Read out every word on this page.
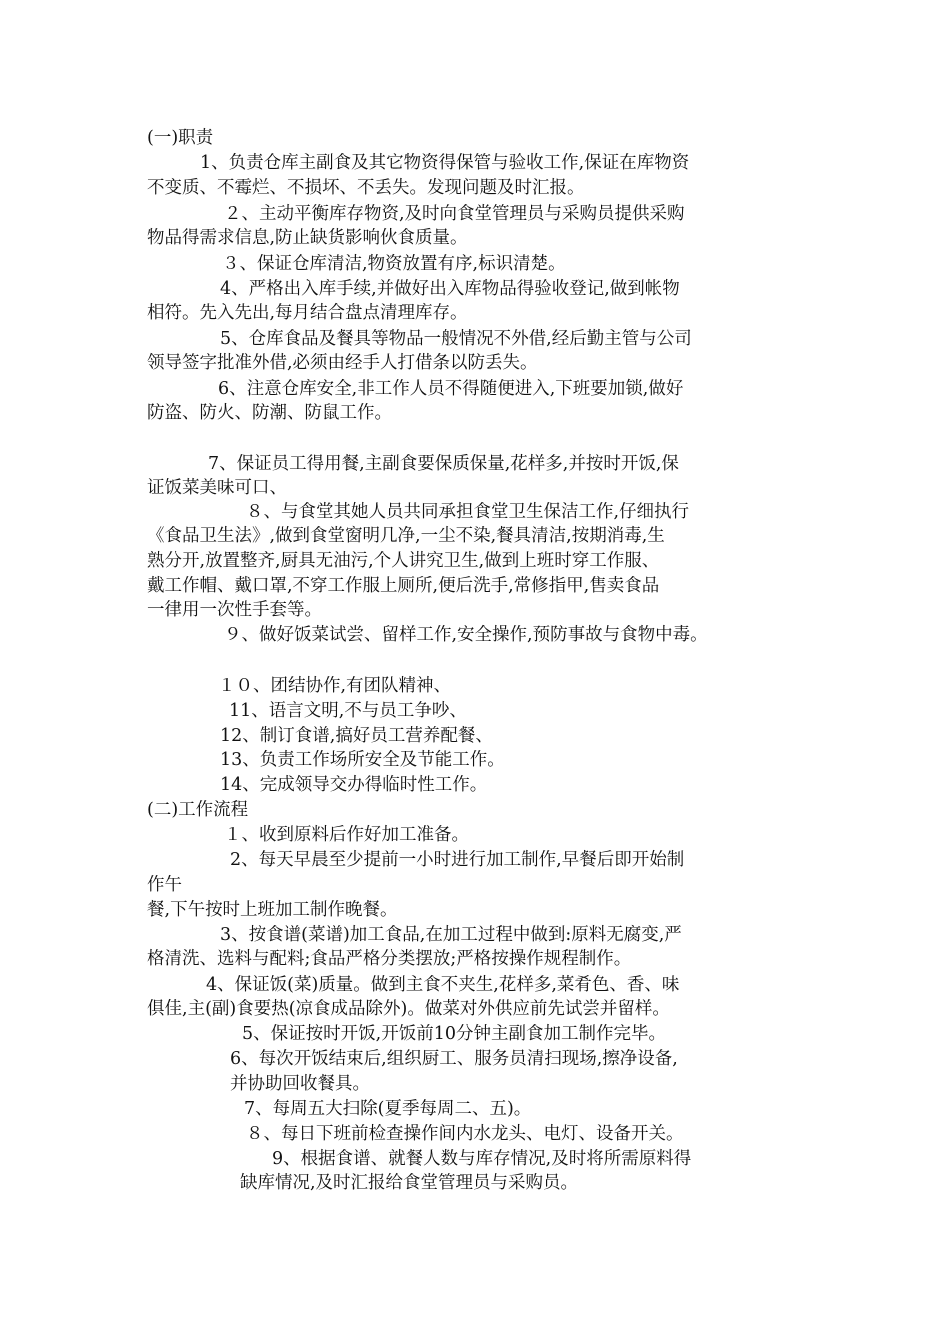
(一)职责
1、负责仓库主副食及其它物资得保管与验收工作,保证在库物资
不变质、不霉烂、不损坏、不丢失。发现问题及时汇报。
２、主动平衡库存物资,及时向食堂管理员与采购员提供采购
物品得需求信息,防止缺货影响伙食质量。
３、保证仓库清洁,物资放置有序,标识清楚。
4、严格出入库手续,并做好出入库物品得验收登记,做到帐物
相符。先入先出,每月结合盘点清理库存。
5、仓库食品及餐具等物品一般情况不外借,经后勤主管与公司
领导签字批准外借,必须由经手人打借条以防丢失。
6、注意仓库安全,非工作人员不得随便进入,下班要加锁,做好
防盗、防火、防潮、防鼠工作。
7、保证员工得用餐,主副食要保质保量,花样多,并按时开饭,保
证饭菜美味可口、
８、与食堂其她人员共同承担食堂卫生保洁工作,仔细执行
《食品卫生法》,做到食堂窗明几净,一尘不染,餐具清洁,按期消毒,生
熟分开,放置整齐,厨具无油污,个人讲究卫生,做到上班时穿工作服、
戴工作帽、戴口罩,不穿工作服上厕所,便后洗手,常修指甲,售卖食品
一律用一次性手套等。
９、做好饭菜试尝、留样工作,安全操作,预防事故与食物中毒。
１０、团结协作,有团队精神、
11、语言文明,不与员工争吵、
12、制订食谱,搞好员工营养配餐、
13、负责工作场所安全及节能工作。
14、完成领导交办得临时性工作。
(二)工作流程
１、收到原料后作好加工准备。
2、每天早晨至少提前一小时进行加工制作,早餐后即开始制
作午
餐,下午按时上班加工制作晚餐。
3、按食谱(菜谱)加工食品,在加工过程中做到:原料无腐变,严
格清洗、选料与配料;食品严格分类摆放;严格按操作规程制作。
4、保证饭(菜)质量。做到主食不夹生,花样多,菜肴色、香、味
俱佳,主(副)食要热(凉食成品除外)。做菜对外供应前先试尝并留样。
5、保证按时开饭,开饭前10分钟主副食加工制作完毕。
6、每次开饭结束后,组织厨工、服务员清扫现场,擦净设备,
并协助回收餐具。
7、每周五大扫除(夏季每周二、五)。
８、每日下班前检查操作间内水龙头、电灯、设备开关。
9、根据食谱、就餐人数与库存情况,及时将所需原料得
缺库情况,及时汇报给食堂管理员与采购员。
